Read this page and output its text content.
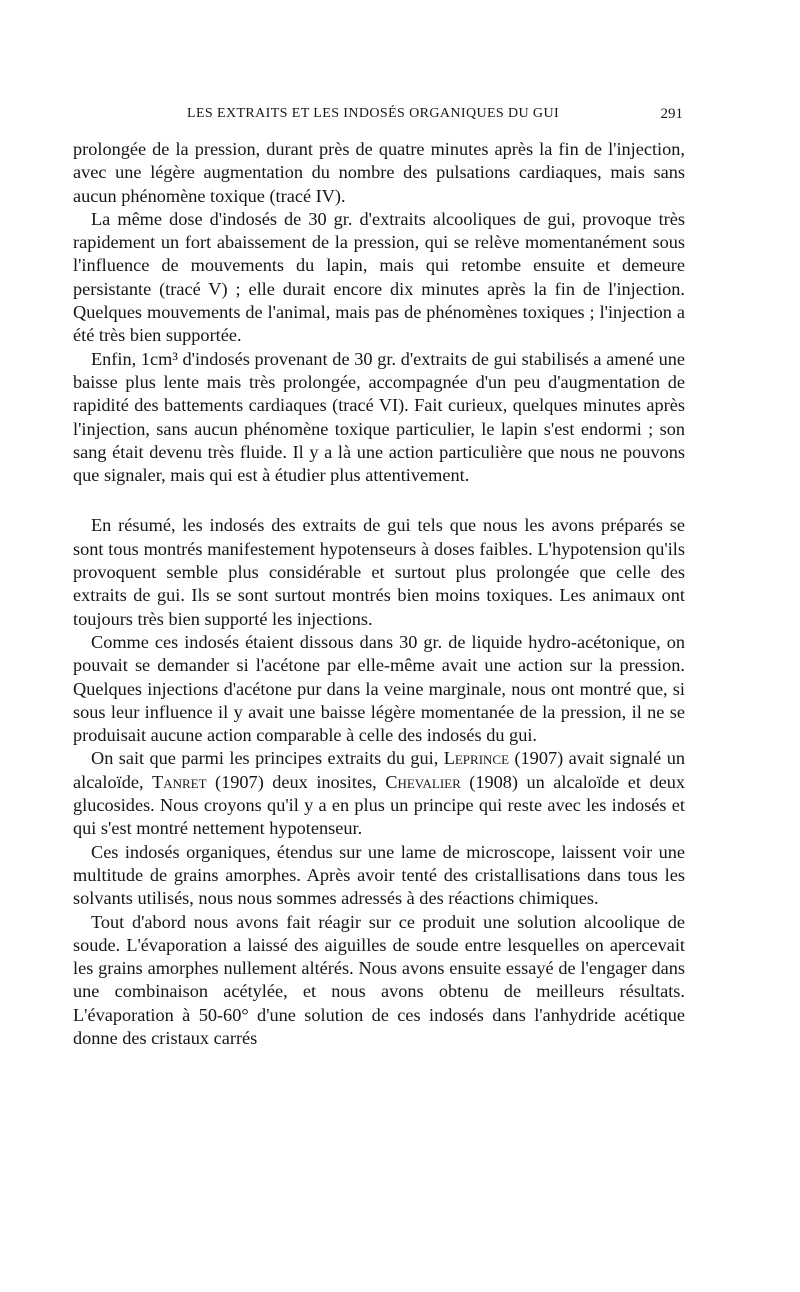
LES EXTRAITS ET LES INDOSÉS ORGANIQUES DU GUI	291

prolongée de la pression, durant près de quatre minutes après la fin de l'injection, avec une légère augmentation du nombre des pulsations cardiaques, mais sans aucun phénomène toxique (tracé IV).

La même dose d'indosés de 30 gr. d'extraits alcooliques de gui, provoque très rapidement un fort abaissement de la pression, qui se relève momentanément sous l'influence de mouvements du lapin, mais qui retombe ensuite et demeure persistante (tracé V) ; elle durait encore dix minutes après la fin de l'injection. Quelques mouvements de l'animal, mais pas de phénomènes toxiques ; l'injection a été très bien supportée.

Enfin, 1cm³ d'indosés provenant de 30 gr. d'extraits de gui stabilisés a amené une baisse plus lente mais très prolongée, accompagnée d'un peu d'augmentation de rapidité des battements cardiaques (tracé VI). Fait curieux, quelques minutes après l'injection, sans aucun phénomène toxique particulier, le lapin s'est endormi ; son sang était devenu très fluide. Il y a là une action particulière que nous ne pouvons que signaler, mais qui est à étudier plus attentivement.

En résumé, les indosés des extraits de gui tels que nous les avons préparés se sont tous montrés manifestement hypotenseurs à doses faibles. L'hypotension qu'ils provoquent semble plus considérable et surtout plus prolongée que celle des extraits de gui. Ils se sont surtout montrés bien moins toxiques. Les animaux ont toujours très bien supporté les injections.

Comme ces indosés étaient dissous dans 30 gr. de liquide hydro-acétonique, on pouvait se demander si l'acétone par elle-même avait une action sur la pression. Quelques injections d'acétone pur dans la veine marginale, nous ont montré que, si sous leur influence il y avait une baisse légère momentanée de la pression, il ne se produisait aucune action comparable à celle des indosés du gui.

On sait que parmi les principes extraits du gui, Leprince (1907) avait signalé un alcaloïde, Tanret (1907) deux inosites, Chevalier (1908) un alcaloïde et deux glucosides. Nous croyons qu'il y a en plus un principe qui reste avec les indosés et qui s'est montré nettement hypotenseur.

Ces indosés organiques, étendus sur une lame de microscope, laissent voir une multitude de grains amorphes. Après avoir tenté des cristallisations dans tous les solvants utilisés, nous nous sommes adressés à des réactions chimiques.

Tout d'abord nous avons fait réagir sur ce produit une solution alcoolique de soude. L'évaporation a laissé des aiguilles de soude entre lesquelles on apercevait les grains amorphes nullement altérés. Nous avons ensuite essayé de l'engager dans une combinaison acétylée, et nous avons obtenu de meilleurs résultats. L'évaporation à 50-60° d'une solution de ces indosés dans l'anhydride acétique donne des cristaux carrés
